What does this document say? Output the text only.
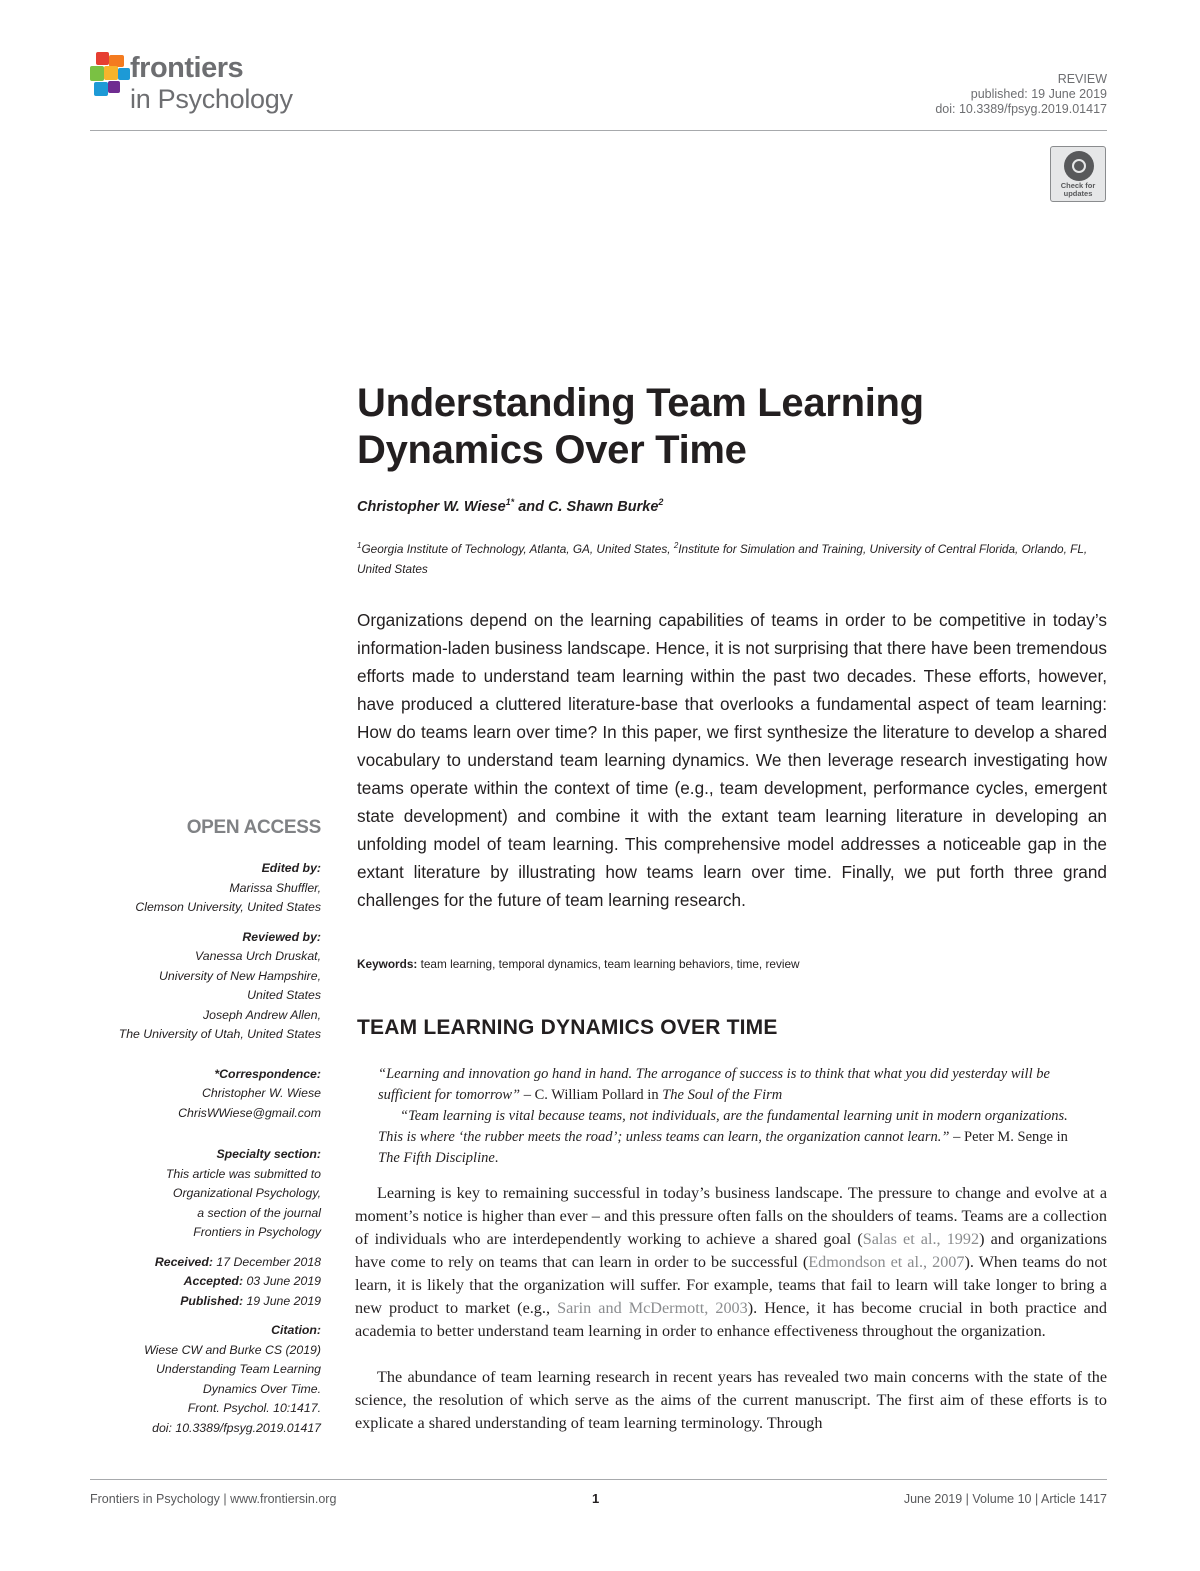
frontiers
in Psychology
REVIEW
published: 19 June 2019
doi: 10.3389/fpsyg.2019.01417
Check for updates
Understanding Team Learning Dynamics Over Time
Christopher W. Wiese$^{1*}$ and C. Shawn Burke$^2$
$^1$Georgia Institute of Technology, Atlanta, GA, United States, $^2$Institute for Simulation and Training, University of Central Florida, Orlando, FL, United States
Organizations depend on the learning capabilities of teams in order to be competitive in today’s information-laden business landscape. Hence, it is not surprising that there have been tremendous efforts made to understand team learning within the past two decades. These efforts, however, have produced a cluttered literature-base that overlooks a fundamental aspect of team learning: How do teams learn over time? In this paper, we first synthesize the literature to develop a shared vocabulary to understand team learning dynamics. We then leverage research investigating how teams operate within the context of time (e.g., team development, performance cycles, emergent state development) and combine it with the extant team learning literature in developing an unfolding model of team learning. This comprehensive model addresses a noticeable gap in the extant literature by illustrating how teams learn over time. Finally, we put forth three grand challenges for the future of team learning research.
Keywords: team learning, temporal dynamics, team learning behaviors, time, review
TEAM LEARNING DYNAMICS OVER TIME
“Learning and innovation go hand in hand. The arrogance of success is to think that what you did yesterday will be sufficient for tomorrow” – C. William Pollard in The Soul of the Firm
“Team learning is vital because teams, not individuals, are the fundamental learning unit in modern organizations. This is where ‘the rubber meets the road’; unless teams can learn, the organization cannot learn.” – Peter M. Senge in The Fifth Discipline.
Learning is key to remaining successful in today’s business landscape. The pressure to change and evolve at a moment’s notice is higher than ever – and this pressure often falls on the shoulders of teams. Teams are a collection of individuals who are interdependently working to achieve a shared goal (Salas et al., 1992) and organizations have come to rely on teams that can learn in order to be successful (Edmondson et al., 2007). When teams do not learn, it is likely that the organization will suffer. For example, teams that fail to learn will take longer to bring a new product to market (e.g., Sarin and McDermott, 2003). Hence, it has become crucial in both practice and academia to better understand team learning in order to enhance effectiveness throughout the organization.
The abundance of team learning research in recent years has revealed two main concerns with the state of the science, the resolution of which serve as the aims of the current manuscript. The first aim of these efforts is to explicate a shared understanding of team learning terminology. Through
OPEN ACCESS
Edited by:
Marissa Shuffler,
Clemson University, United States
Reviewed by:
Vanessa Urch Druskat,
University of New Hampshire,
United States
Joseph Andrew Allen,
The University of Utah, United States
*Correspondence:
Christopher W. Wiese
ChrisWWiese@gmail.com
Specialty section:
This article was submitted to
Organizational Psychology,
a section of the journal
Frontiers in Psychology
Received: 17 December 2018
Accepted: 03 June 2019
Published: 19 June 2019
Citation:
Wiese CW and Burke CS (2019)
Understanding Team Learning
Dynamics Over Time.
Front. Psychol. 10:1417.
doi: 10.3389/fpsyg.2019.01417
Frontiers in Psychology | www.frontiersin.org	1	June 2019 | Volume 10 | Article 1417
